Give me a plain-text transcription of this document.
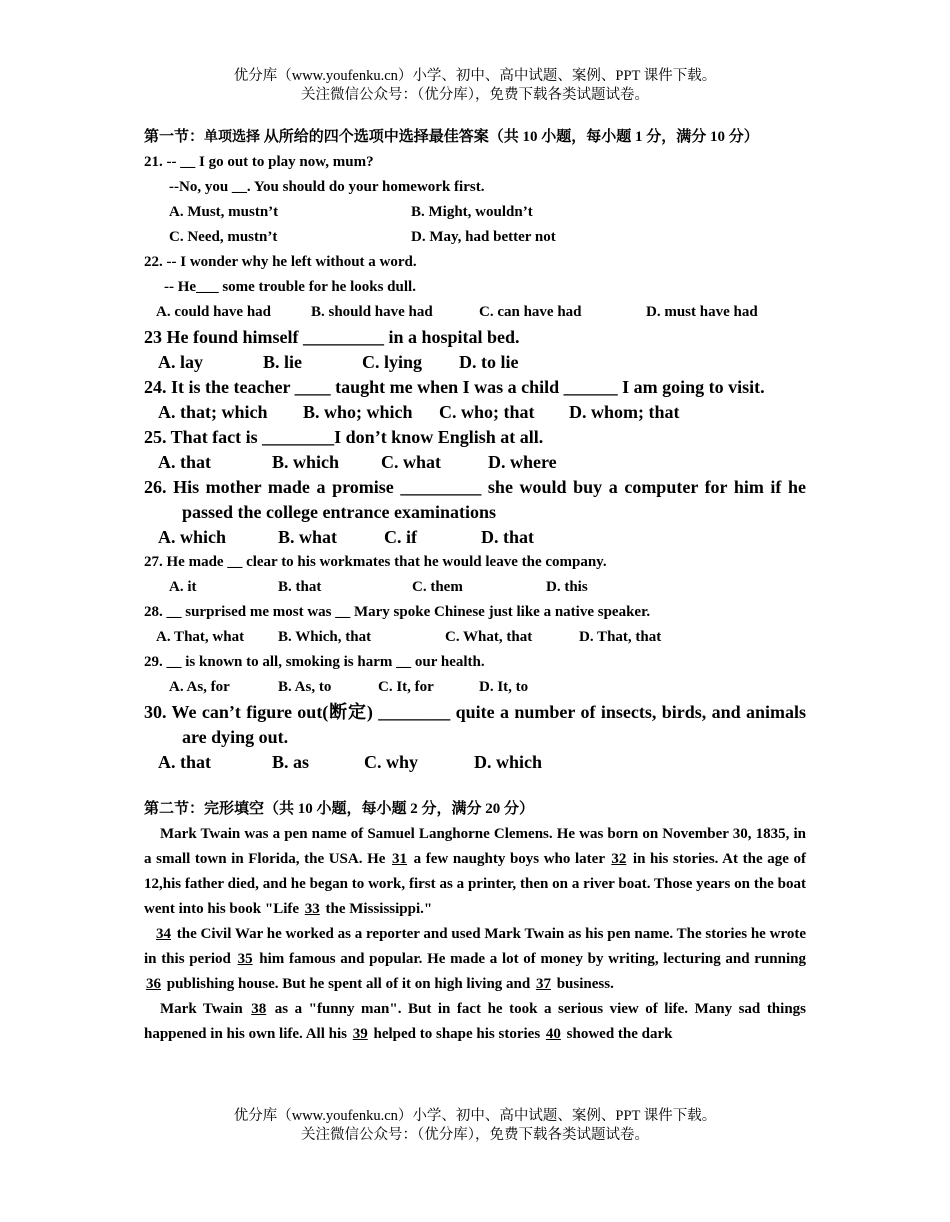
优分库（www.youfenku.cn）小学、初中、高中试题、案例、PPT 课件下载。
关注微信公众号：（优分库），免费下载各类试题试卷。
第一节：单项选择 从所给的四个选项中选择最佳答案（共 10 小题，每小题 1 分，满分 10 分）
21. -- __ I go out to play now, mum?
--No, you __. You should do your homework first.
A. Must, mustn’t	B. Might, wouldn’t
C. Need, mustn’t	D. May, had better not
22. -- I wonder why he left without a word.
-- He___ some trouble for he looks dull.
A. could have had	B. should have had	C. can have had	D. must have had
23 He found himself _________ in a hospital bed.
A. lay	B. lie	C. lying D. to lie
24. It is the teacher ____ taught me when I was a child ______ I am going to visit.
A. that; which B. who; which C. who; that D. whom; that
25. That fact is ________I don’t know English at all.
A. that	B. which C. what	D. where
26. His mother made a promise _________ she would buy a computer for him if he passed the college entrance examinations
A. which	B. what	C. if	D. that
27. He made __ clear to his workmates that he would leave the company.
A. it	B. that	C. them	D. this
28. __ surprised me most was __ Mary spoke Chinese just like a native speaker.
A. That, what B. Which, that	C. What, that	D. That, that
29. __ is known to all, smoking is harm __ our health.
A. As, for	B. As, to	C. It, for	D. It, to
30. We can’t figure out(断定) ________ quite a number of insects, birds, and animals are dying out.
A. that	B. as	C. why	D. which
第二节：完形填空（共 10 小题，每小题 2 分，满分 20 分）
Mark Twain was a pen name of Samuel Langhorne Clemens. He was born on November 30, 1835, in a small town in Florida, the USA. He 31 a few naughty boys who later 32 in his stories. At the age of 12,his father died, and he began to work, first as a printer, then on a river boat. Those years on the boat went into his book "Life 33 the Mississippi."
34 the Civil War he worked as a reporter and used Mark Twain as his pen name. The stories he wrote in this period 35 him famous and popular. He made a lot of money by writing, lecturing and running 36 publishing house. But he spent all of it on high living and 37 business.
Mark Twain 38 as a "funny man". But in fact he took a serious view of life. Many sad things happened in his own life. All his 39 helped to shape his stories 40 showed the dark
优分库（www.youfenku.cn）小学、初中、高中试题、案例、PPT 课件下载。
关注微信公众号：（优分库），免费下载各类试题试卷。
